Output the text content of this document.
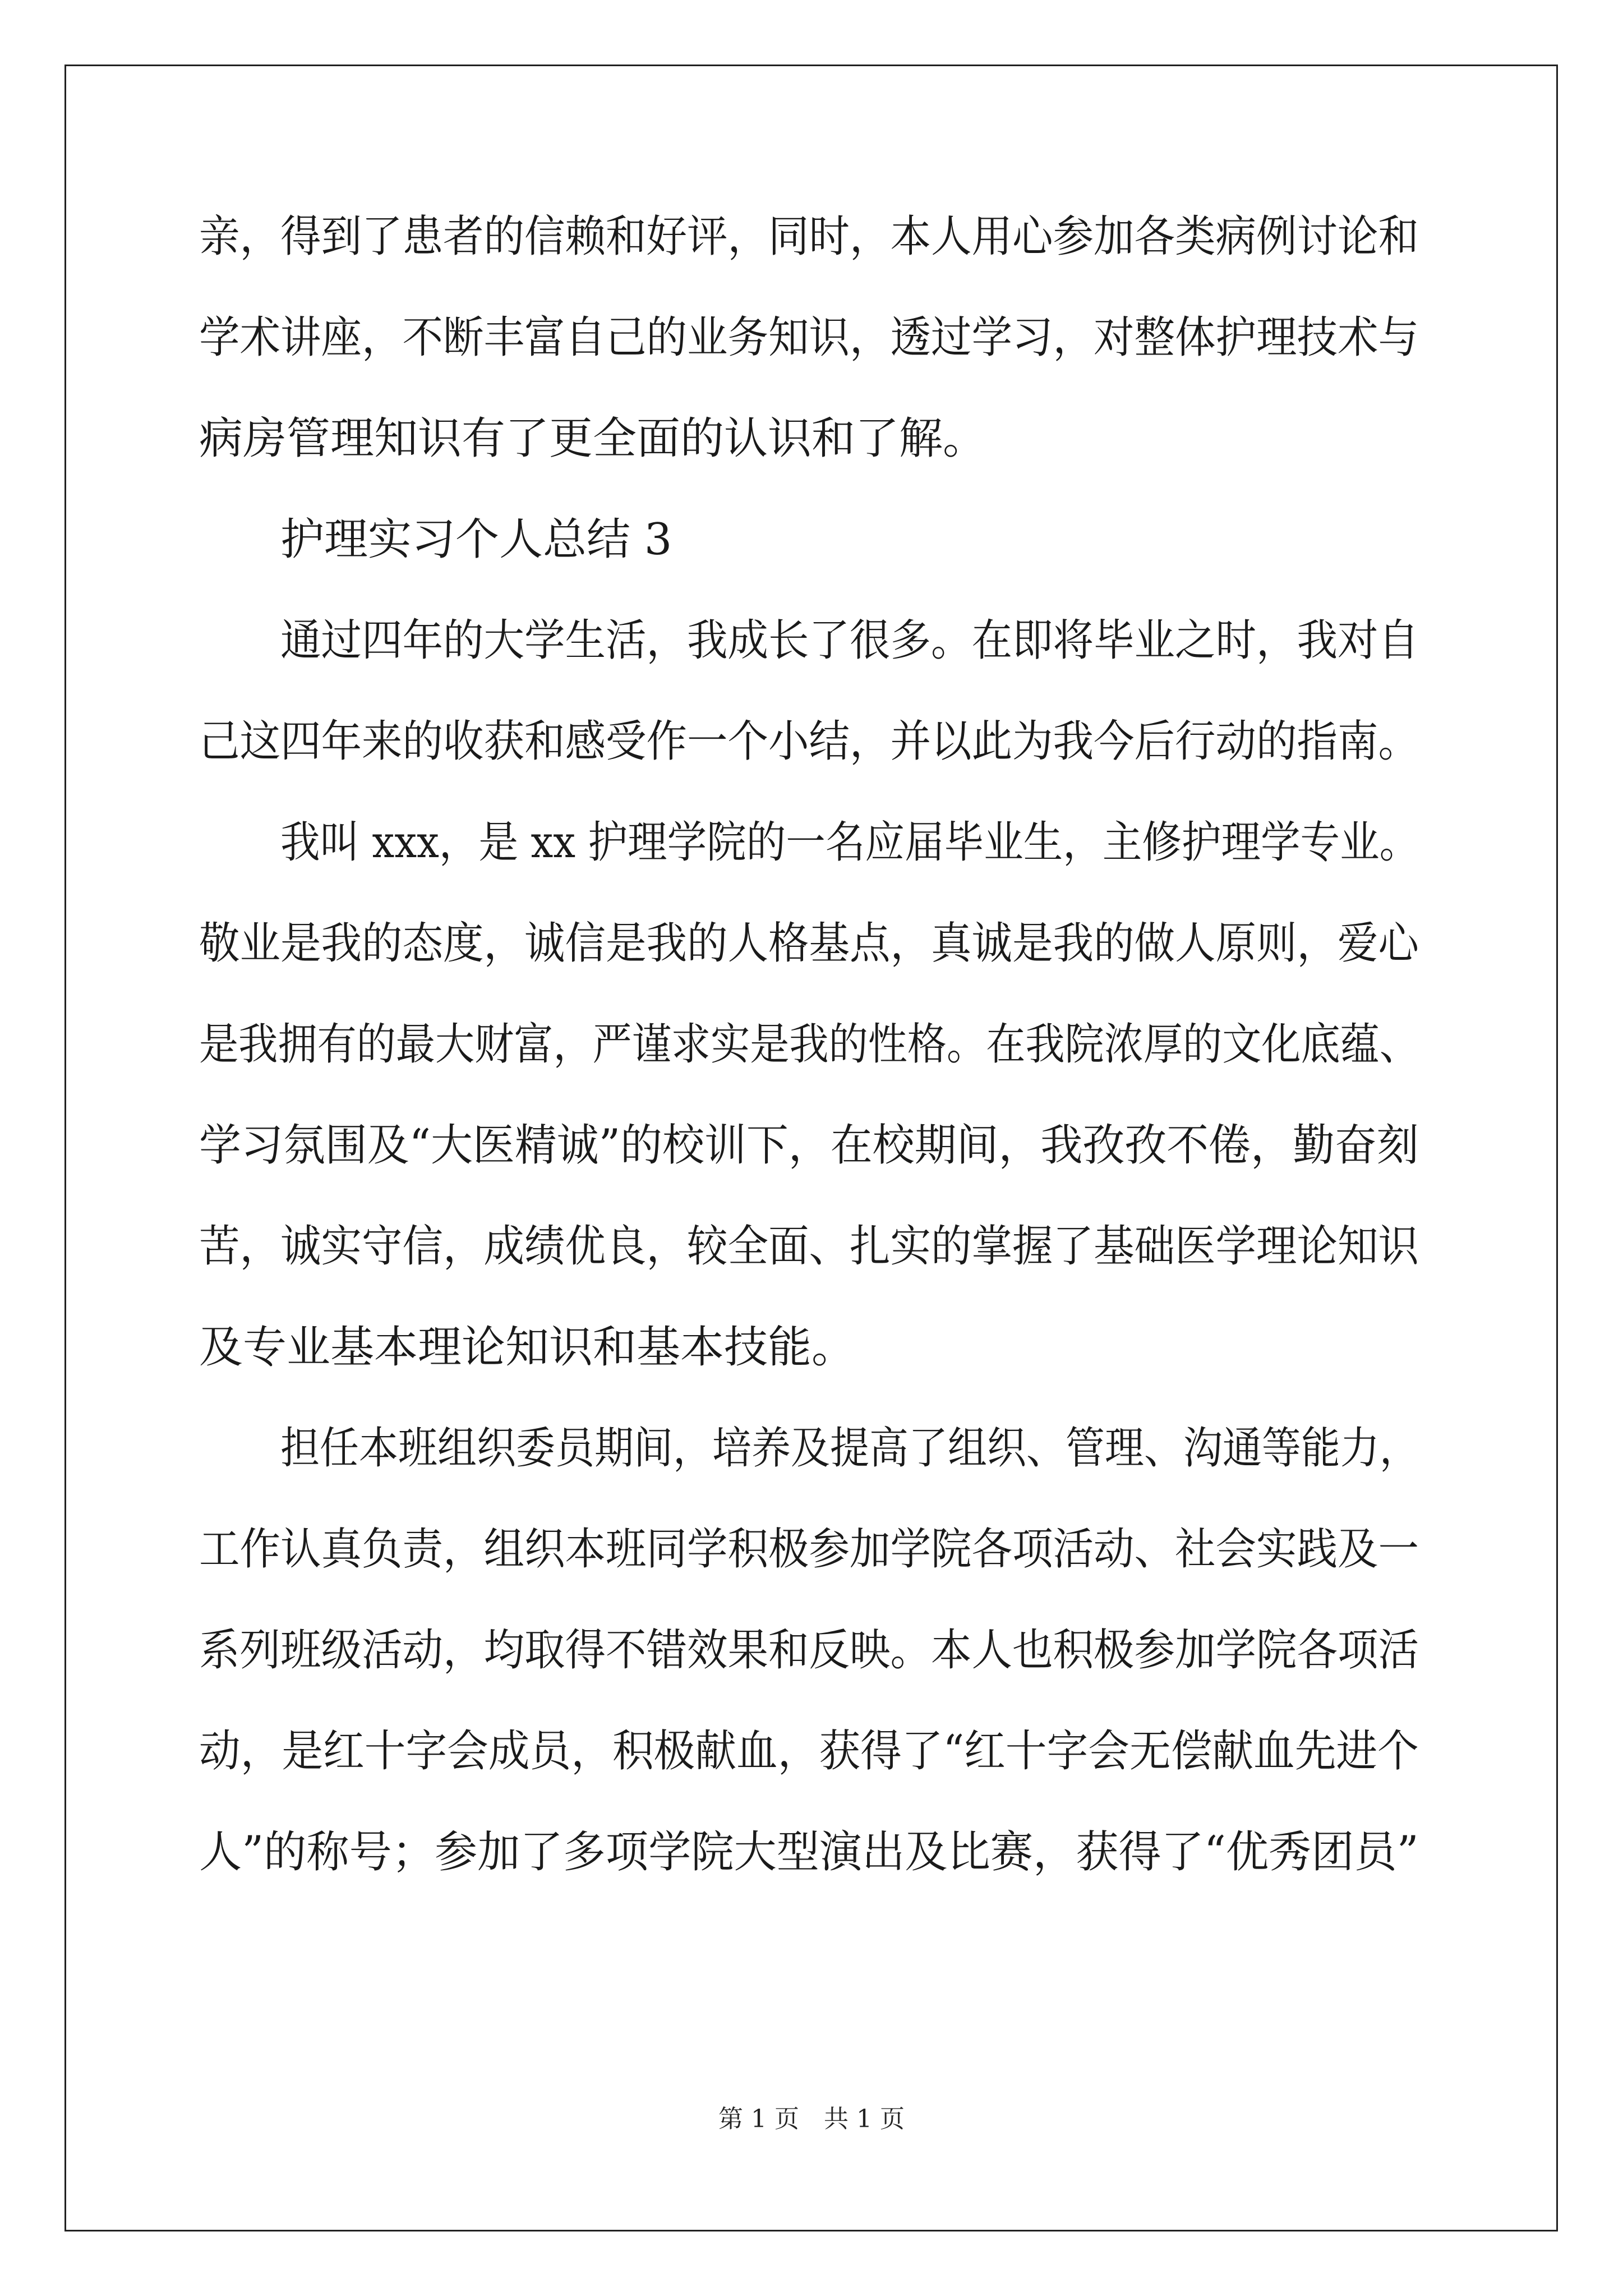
亲，得到了患者的信赖和好评，同时，本人用心参加各类病例讨论和
学术讲座，不断丰富自己的业务知识，透过学习，对整体护理技术与
病房管理知识有了更全面的认识和了解。
护理实习个人总结 3
通过四年的大学生活，我成长了很多。在即将毕业之时，我对自
己这四年来的收获和感受作一个小结，并以此为我今后行动的指南。
我叫 xxx，是 xx 护理学院的一名应届毕业生，主修护理学专业。
敬业是我的态度，诚信是我的人格基点，真诚是我的做人原则，爱心
是我拥有的最大财富，严谨求实是我的性格。在我院浓厚的文化底蕴、
学习氛围及“大医精诚”的校训下，在校期间，我孜孜不倦，勤奋刻
苦，诚实守信，成绩优良，较全面、扎实的掌握了基础医学理论知识
及专业基本理论知识和基本技能。
担任本班组织委员期间，培养及提高了组织、管理、沟通等能力，
工作认真负责，组织本班同学积极参加学院各项活动、社会实践及一
系列班级活动，均取得不错效果和反映。本人也积极参加学院各项活
动，是红十字会成员，积极献血，获得了“红十字会无偿献血先进个
人”的称号；参加了多项学院大型演出及比赛，获得了“优秀团员”
第 1 页　共 1 页
